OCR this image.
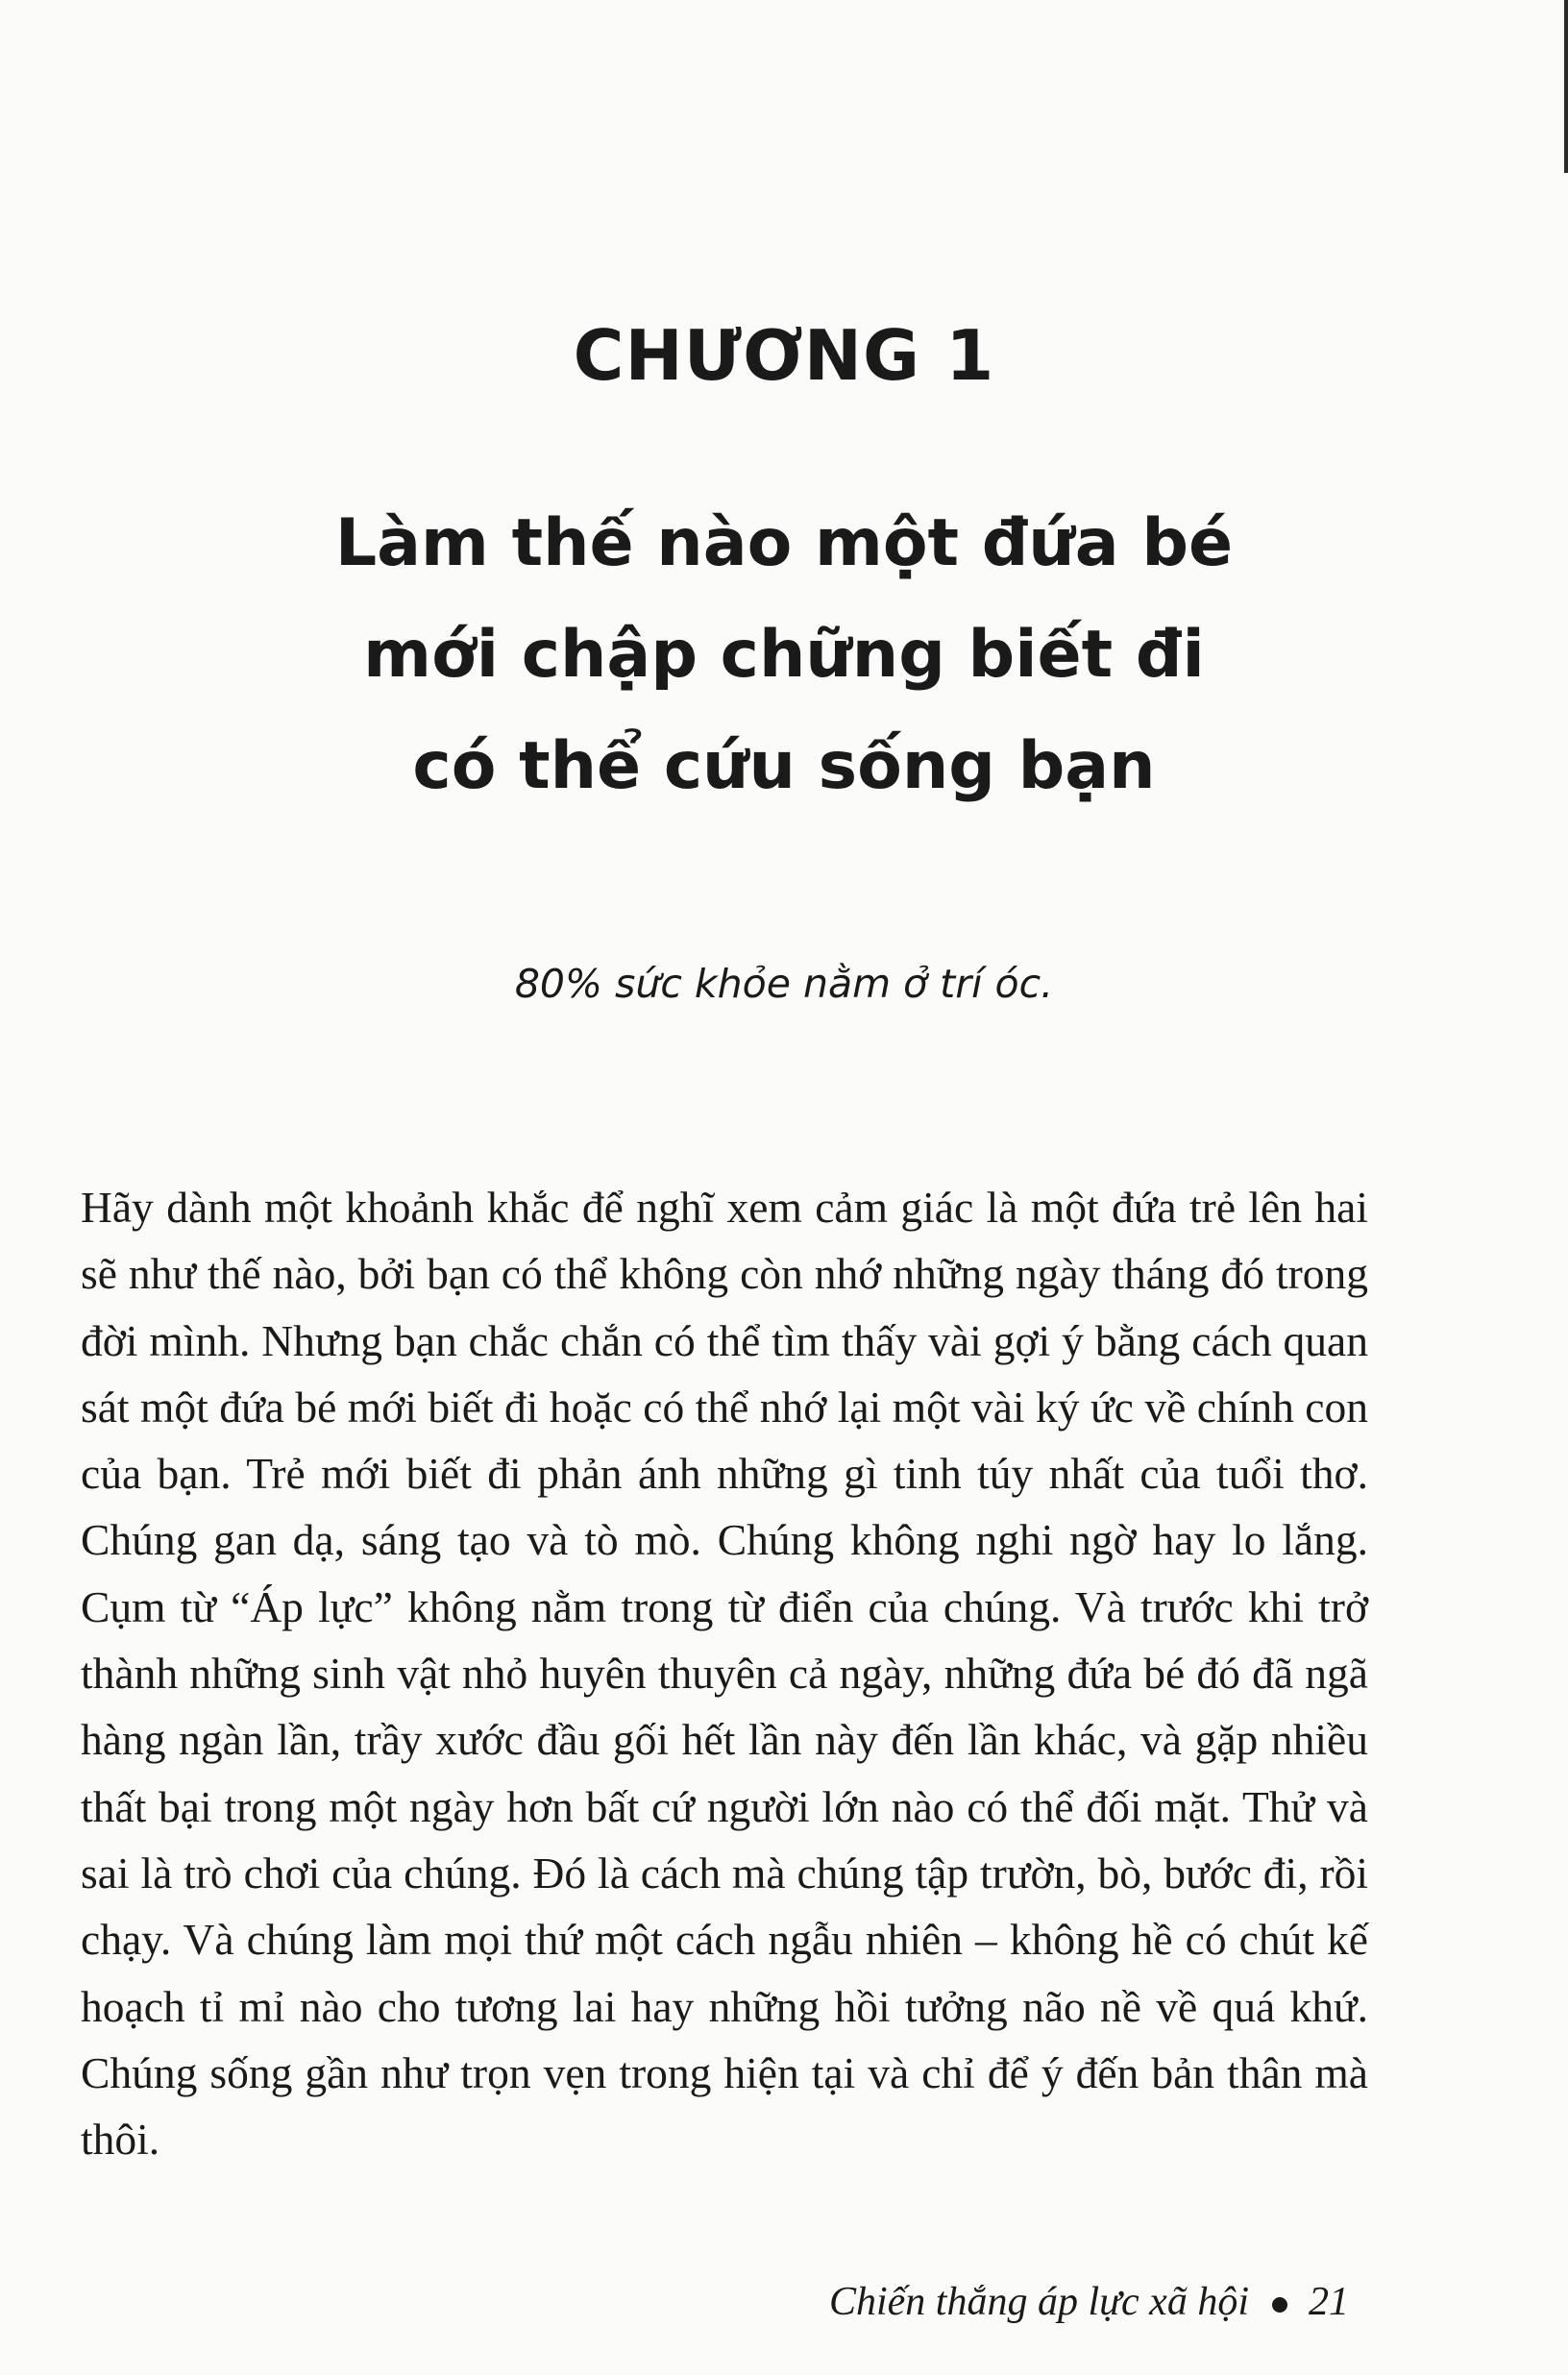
CHƯƠNG 1
Làm thế nào một đứa bé
mới chập chững biết đi
có thể cứu sống bạn

80% sức khỏe nằm ở trí óc.

Hãy dành một khoảnh khắc để nghĩ xem cảm giác là một đứa trẻ lên hai sẽ như thế nào, bởi bạn có thể không còn nhớ những ngày tháng đó trong đời mình. Nhưng bạn chắc chắn có thể tìm thấy vài gợi ý bằng cách quan sát một đứa bé mới biết đi hoặc có thể nhớ lại một vài ký ức về chính con của bạn. Trẻ mới biết đi phản ánh những gì tinh túy nhất của tuổi thơ. Chúng gan dạ, sáng tạo và tò mò. Chúng không nghi ngờ hay lo lắng. Cụm từ “Áp lực” không nằm trong từ điển của chúng. Và trước khi trở thành những sinh vật nhỏ huyên thuyên cả ngày, những đứa bé đó đã ngã hàng ngàn lần, trầy xước đầu gối hết lần này đến lần khác, và gặp nhiều thất bại trong một ngày hơn bất cứ người lớn nào có thể đối mặt. Thử và sai là trò chơi của chúng. Đó là cách mà chúng tập trườn, bò, bước đi, rồi chạy. Và chúng làm mọi thứ một cách ngẫu nhiên – không hề có chút kế hoạch tỉ mỉ nào cho tương lai hay những hồi tưởng não nề về quá khứ. Chúng sống gần như trọn vẹn trong hiện tại và chỉ để ý đến bản thân mà thôi.

Chiến thắng áp lực xã hội 21
